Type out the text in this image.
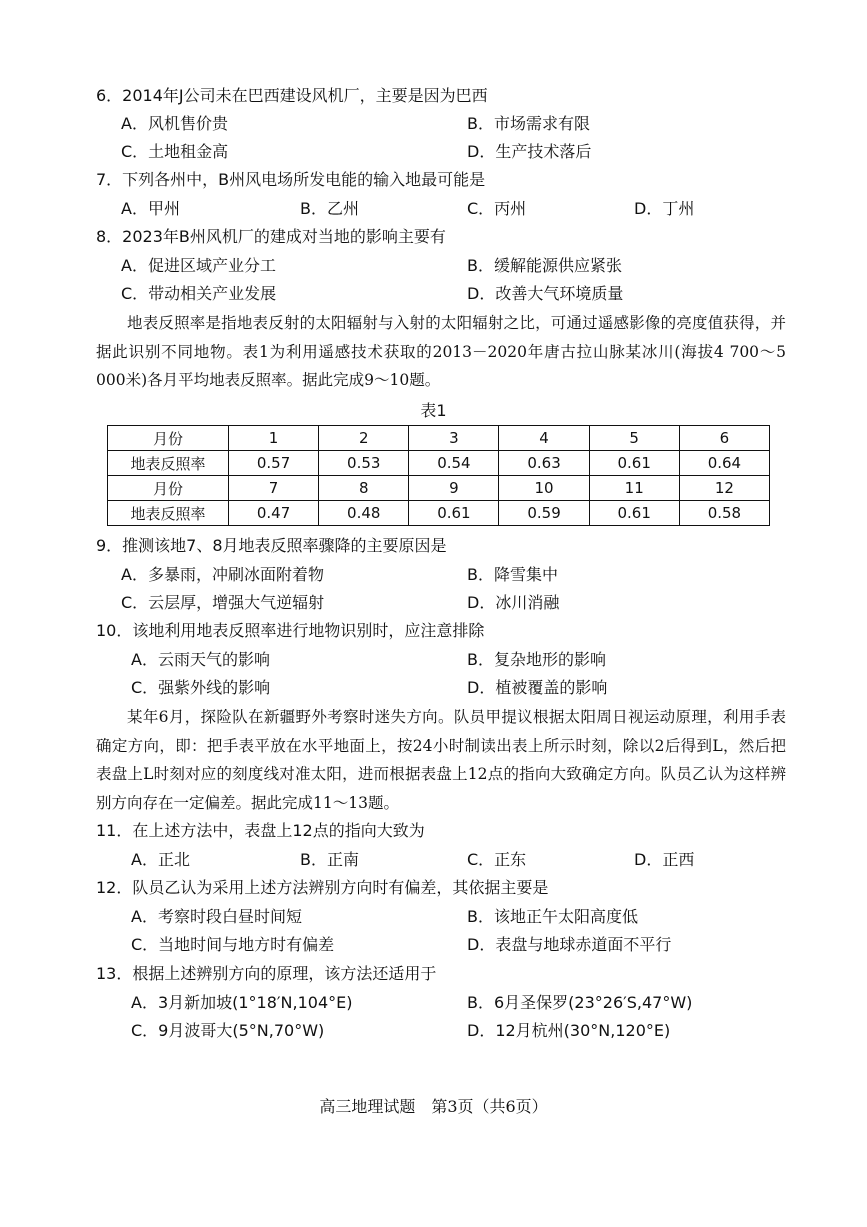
6．2014年J公司未在巴西建设风机厂，主要是因为巴西
A．风机售价贵	B．市场需求有限
C．土地租金高	D．生产技术落后
7．下列各州中，B州风电场所发电能的输入地最可能是
A．甲州	B．乙州	C．丙州	D．丁州
8．2023年B州风机厂的建成对当地的影响主要有
A．促进区域产业分工	B．缓解能源供应紧张
C．带动相关产业发展	D．改善大气环境质量

地表反照率是指地表反射的太阳辐射与入射的太阳辐射之比，可通过遥感影像的亮度值获得，并据此识别不同地物。表1为利用遥感技术获取的2013－2020年唐古拉山脉某冰川(海拔4 700～5 000米)各月平均地表反照率。据此完成9～10题。

表1
月份	1	2	3	4	5	6
地表反照率	0.57	0.53	0.54	0.63	0.61	0.64
月份	7	8	9	10	11	12
地表反照率	0.47	0.48	0.61	0.59	0.61	0.58
9．推测该地7、8月地表反照率骤降的主要原因是
A．多暴雨，冲刷冰面附着物	B．降雪集中
C．云层厚，增强大气逆辐射	D．冰川消融
10．该地利用地表反照率进行地物识别时，应注意排除
A．云雨天气的影响	B．复杂地形的影响
C．强紫外线的影响	D．植被覆盖的影响

某年6月，探险队在新疆野外考察时迷失方向。队员甲提议根据太阳周日视运动原理，利用手表确定方向，即：把手表平放在水平地面上，按24小时制读出表上所示时刻，除以2后得到L，然后把表盘上L时刻对应的刻度线对准太阳，进而根据表盘上12点的指向大致确定方向。队员乙认为这样辨别方向存在一定偏差。据此完成11～13题。

11．在上述方法中，表盘上12点的指向大致为
A．正北	B．正南	C．正东	D．正西
12．队员乙认为采用上述方法辨别方向时有偏差，其依据主要是
A．考察时段白昼时间短	B．该地正午太阳高度低
C．当地时间与地方时有偏差	D．表盘与地球赤道面不平行
13．根据上述辨别方向的原理，该方法还适用于
A．3月新加坡(1°18′N,104°E)	B．6月圣保罗(23°26′S,47°W)
C．9月波哥大(5°N,70°W)	D．12月杭州(30°N,120°E)
高三地理试题　第3页（共6页）
